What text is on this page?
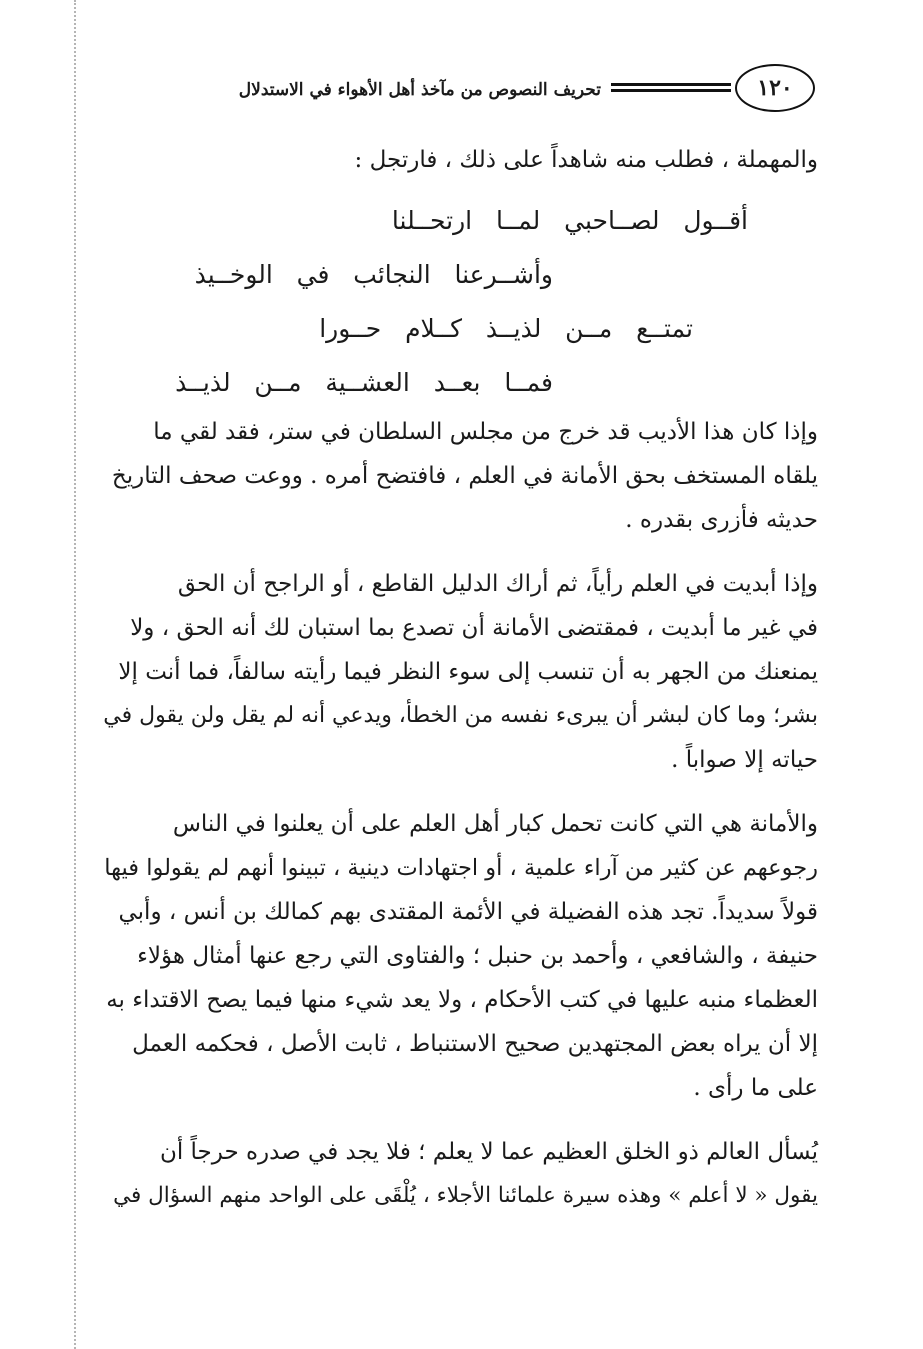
١٢٠
تحريف النصوص من مآخذ أهل الأهواء في الاستدلال
والمهملة ، فطلب منه شاهداً على ذلك ، فارتجل :
أقــول   لصــاحبي   لمــا   ارتحــلنا
وأشــرعنا   النجائب   في   الوخــيذ
تمتــع   مــن   لذيــذ   كــلام   حــورا
فمــا   بعــد   العشــية   مــن   لذيــذ
وإذا كان هذا الأديب قد خرج من مجلس السلطان في ستر، فقد لقي ما
يلقاه المستخف بحق الأمانة في العلم ، فافتضح أمره . ووعت صحف التاريخ
حديثه فأزرى بقدره .
وإذا أبديت في العلم رأياً، ثم أراك الدليل القاطع ، أو الراجح أن الحق
في غير ما أبديت ، فمقتضى الأمانة أن تصدع بما استبان لك أنه الحق ، ولا
يمنعنك من الجهر به أن تنسب إلى سوء النظر فيما رأيته سالفاً، فما أنت إلا
بشر؛ وما كان لبشر أن يبرىء نفسه من الخطأ، ويدعي أنه لم يقل ولن يقول في
حياته إلا صواباً .
والأمانة هي التي كانت تحمل كبار أهل العلم على أن يعلنوا في الناس
رجوعهم عن كثير من آراء علمية ، أو اجتهادات دينية ، تبينوا أنهم لم يقولوا فيها
قولاً سديداً. تجد هذه الفضيلة في الأئمة المقتدى بهم كمالك بن أنس ، وأبي
حنيفة ، والشافعي ، وأحمد بن حنبل ؛ والفتاوى التي رجع عنها أمثال هؤلاء
العظماء منبه عليها في كتب الأحكام ، ولا يعد شيء منها فيما يصح الاقتداء به
إلا أن يراه بعض المجتهدين صحيح الاستنباط ، ثابت الأصل ، فحكمه العمل
على ما رأى .
يُسأل العالم ذو الخلق العظيم عما لا يعلم ؛ فلا يجد في صدره حرجاً أن
يقول « لا أعلم » وهذه سيرة علمائنا الأجلاء ، يُلْقَى على الواحد منهم السؤال في
